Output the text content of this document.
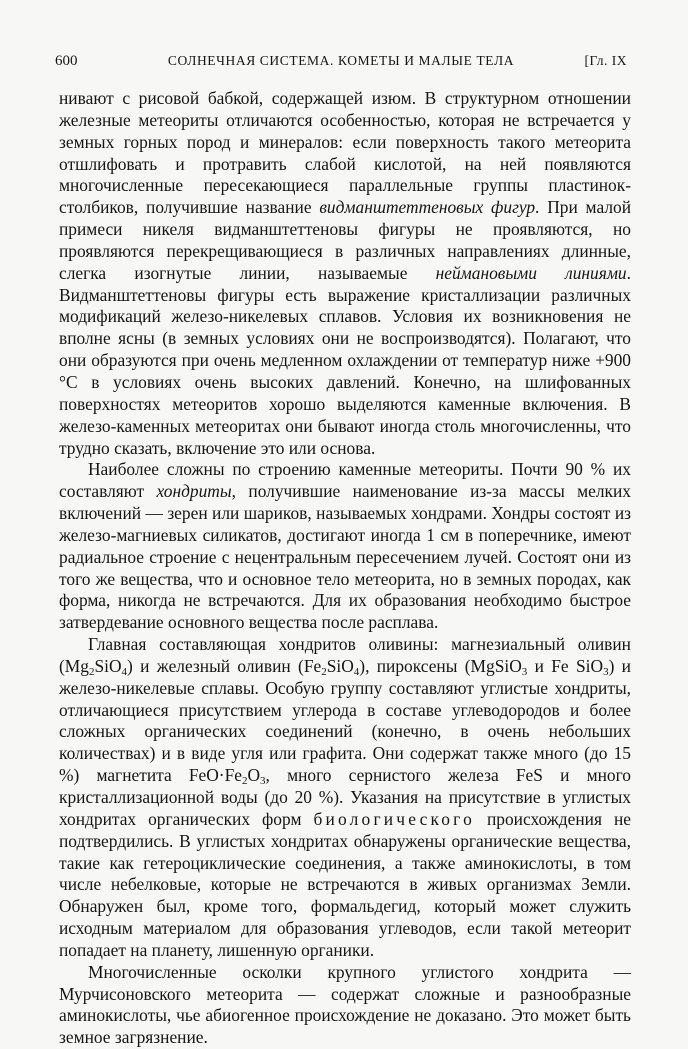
600	СОЛНЕЧНАЯ СИСТЕМА. КОМЕТЫ И МАЛЫЕ ТЕЛА	[Гл. IX

нивают с рисовой бабкой, содержащей изюм. В структурном отношении железные метеориты отличаются особенностью, которая не встречается у земных горных пород и минералов: если поверхность такого метеорита отшлифовать и протравить слабой кислотой, на ней появляются многочисленные пересекающиеся параллельные группы пластинок-столбиков, получившие название видманштеттеновых фигур. При малой примеси никеля видманштеттеновы фигуры не проявляются, но проявляются перекрещивающиеся в различных направлениях длинные, слегка изогнутые линии, называемые неймановыми линиями. Видманштеттеновы фигуры есть выражение кристаллизации различных модификаций железо-никелевых сплавов. Условия их возникновения не вполне ясны (в земных условиях они не воспроизводятся). Полагают, что они образуются при очень медленном охлаждении от температур ниже +900 °С в условиях очень высоких давлений. Конечно, на шлифованных поверхностях метеоритов хорошо выделяются каменные включения. В железо-каменных метеоритах они бывают иногда столь многочисленны, что трудно сказать, включение это или основа.

Наиболее сложны по строению каменные метеориты. Почти 90 % их составляют хондриты, получившие наименование из-за массы мелких включений — зерен или шариков, называемых хондрами. Хондры состоят из железо-магниевых силикатов, достигают иногда 1 см в поперечнике, имеют радиальное строение с нецентральным пересечением лучей. Состоят они из того же вещества, что и основное тело метеорита, но в земных породах, как форма, никогда не встречаются. Для их образования необходимо быстрое затвердевание основного вещества после расплава.

Главная составляющая хондритов оливины: магнезиальный оливин $(Mg_2SiO_4)$ и железный оливин $(Fe_2SiO_4)$, пироксены (MgSiO$_3$ и Fe SiO$_3$) и железо-никелевые сплавы. Особую группу составляют углистые хондриты, отличающиеся присутствием углерода в составе углеводородов и более сложных органических соединений (конечно, в очень небольших количествах) и в виде угля или графита. Они содержат также много (до 15 %) магнетита $FeO\cdot Fe_2O_3$, много сернистого железа FeS и много кристаллизационной воды (до 20 %). Указания на присутствие в углистых хондритах органических форм биологического происхождения не подтвердились. В углистых хондритах обнаружены органические вещества, такие как гетероциклические соединения, а также аминокислоты, в том числе небелковые, которые не встречаются в живых организмах Земли. Обнаружен был, кроме того, формальдегид, который может служить исходным материалом для образования углеводов, если такой метеорит попадает на планету, лишенную органики.

Многочисленные осколки крупного углистого хондрита — Мурчисоновского метеорита — содержат сложные и разнообразные аминокислоты, чье абиогенное происхождение не доказано. Это может быть земное загрязнение.
